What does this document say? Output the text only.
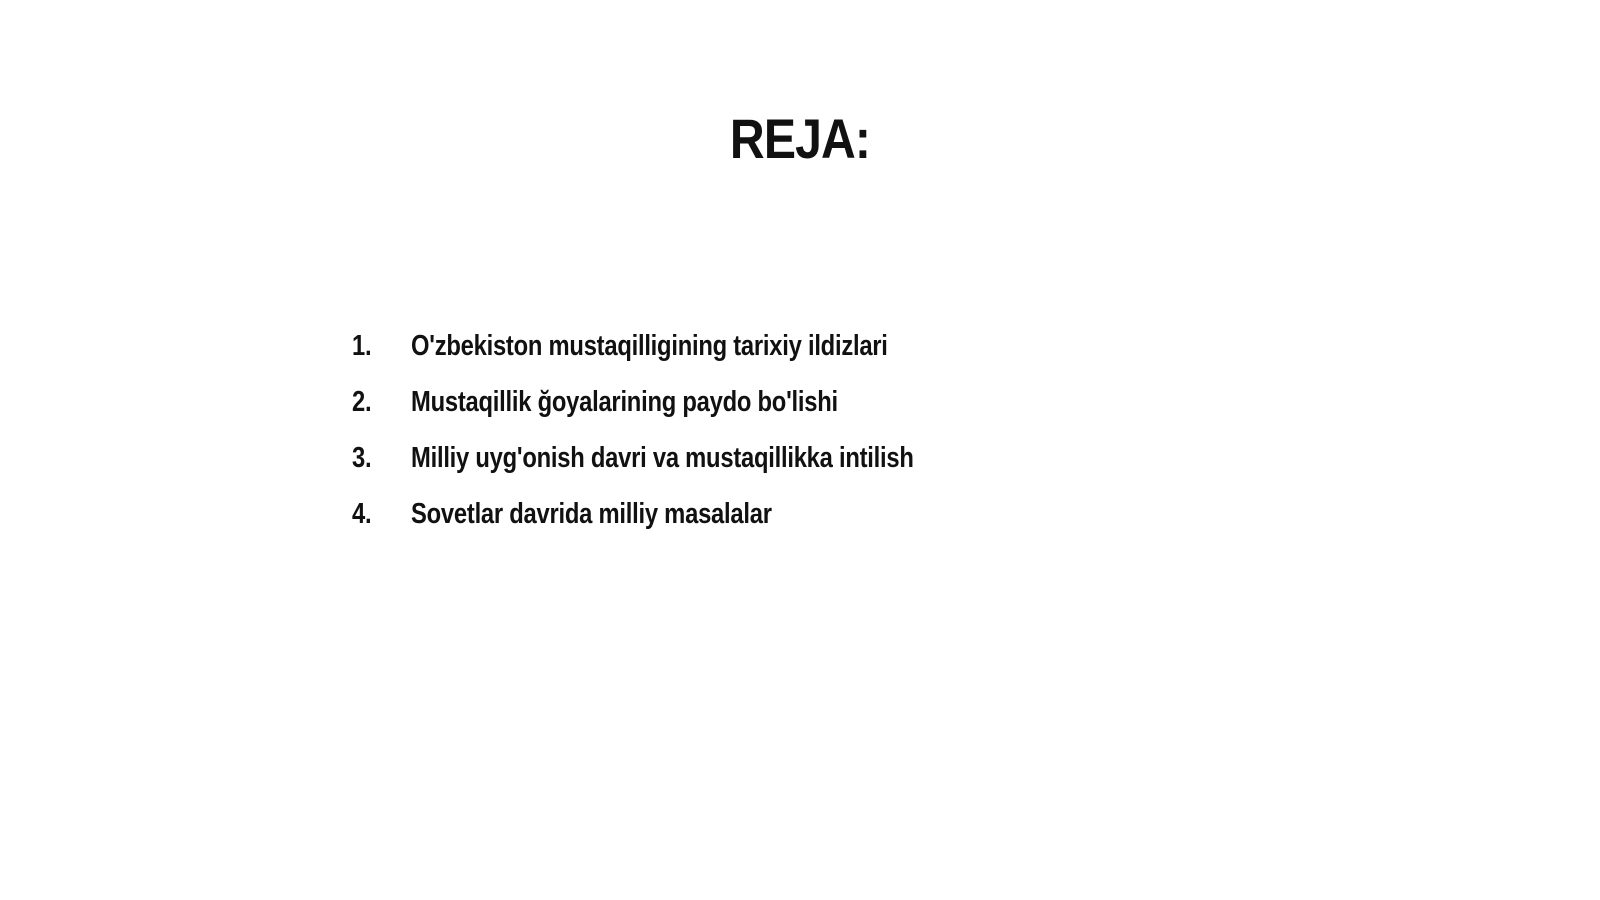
REJA:
1.	O'zbekiston mustaqilligining tarixiy ildizlari
2.	Mustaqillik ğoyalarining paydo bo'lishi
3.	Milliy uyg'onish davri va mustaqillikka intilish
4.	Sovetlar davrida milliy masalalar
